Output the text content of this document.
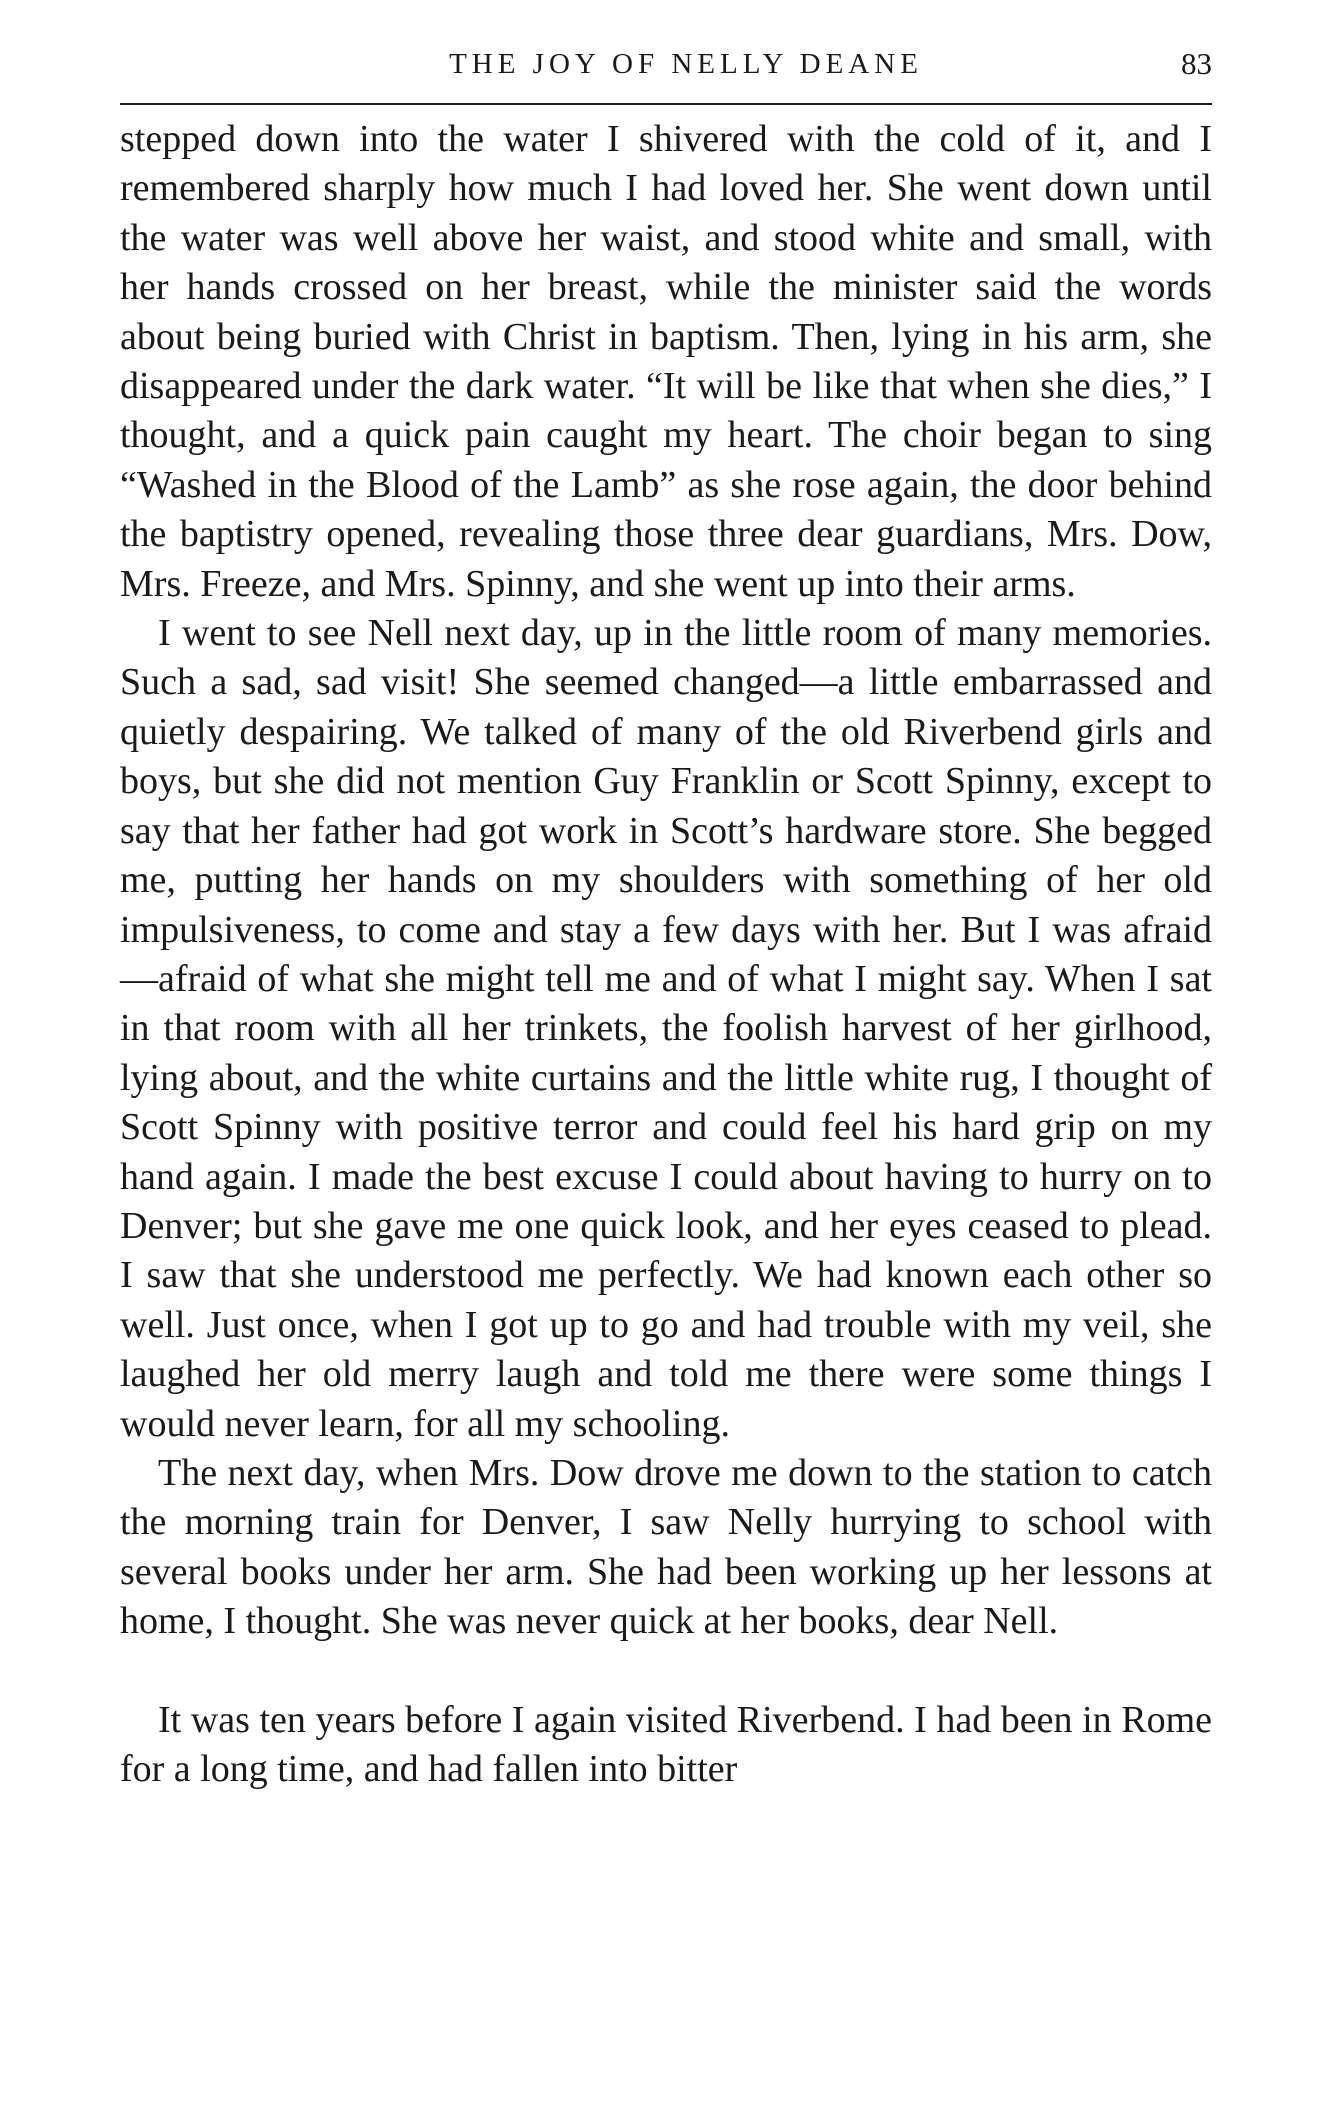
THE JOY OF NELLY DEANE	83

stepped down into the water I shivered with the cold of it, and I remembered sharply how much I had loved her. She went down until the water was well above her waist, and stood white and small, with her hands crossed on her breast, while the minister said the words about being buried with Christ in baptism. Then, lying in his arm, she disappeared under the dark water. “It will be like that when she dies,” I thought, and a quick pain caught my heart. The choir began to sing “Washed in the Blood of the Lamb” as she rose again, the door behind the baptistry opened, revealing those three dear guardians, Mrs. Dow, Mrs. Freeze, and Mrs. Spinny, and she went up into their arms.

I went to see Nell next day, up in the little room of many memories. Such a sad, sad visit! She seemed changed—a little embarrassed and quietly despairing. We talked of many of the old Riverbend girls and boys, but she did not mention Guy Franklin or Scott Spinny, except to say that her father had got work in Scott’s hardware store. She begged me, putting her hands on my shoulders with something of her old impulsiveness, to come and stay a few days with her. But I was afraid—afraid of what she might tell me and of what I might say. When I sat in that room with all her trinkets, the foolish harvest of her girlhood, lying about, and the white curtains and the little white rug, I thought of Scott Spinny with positive terror and could feel his hard grip on my hand again. I made the best excuse I could about having to hurry on to Denver; but she gave me one quick look, and her eyes ceased to plead. I saw that she understood me perfectly. We had known each other so well. Just once, when I got up to go and had trouble with my veil, she laughed her old merry laugh and told me there were some things I would never learn, for all my schooling.

The next day, when Mrs. Dow drove me down to the station to catch the morning train for Denver, I saw Nelly hurrying to school with several books under her arm. She had been working up her lessons at home, I thought. She was never quick at her books, dear Nell.

It was ten years before I again visited Riverbend. I had been in Rome for a long time, and had fallen into bitter
